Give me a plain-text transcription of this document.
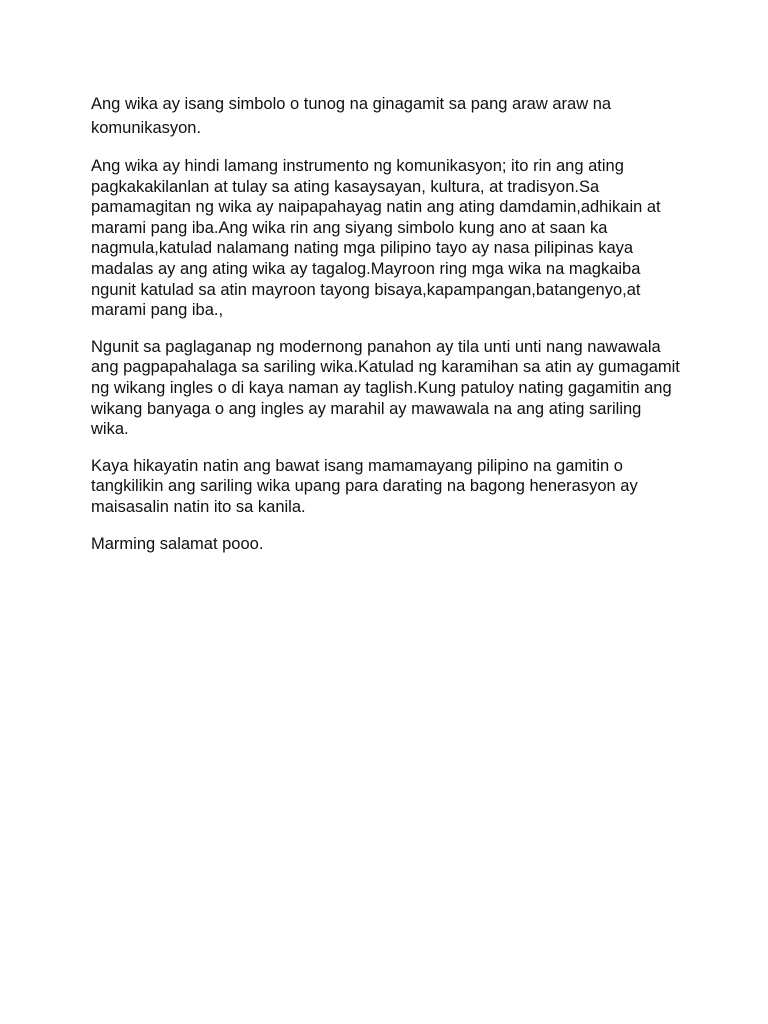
Ang wika ay isang simbolo o tunog na ginagamit sa pang araw araw na komunikasyon.

Ang wika ay hindi lamang instrumento ng komunikasyon; ito rin ang ating pagkakakilanlan at tulay sa ating kasaysayan, kultura, at tradisyon.Sa pamamagitan ng wika ay naipapahayag natin ang ating damdamin,adhikain at marami pang iba.Ang wika rin ang siyang simbolo kung ano at saan ka nagmula,katulad nalamang nating mga pilipino tayo ay nasa pilipinas kaya madalas ay ang ating wika ay tagalog.Mayroon ring mga wika na magkaiba ngunit katulad sa atin mayroon tayong bisaya,kapampangan,batangenyo,at marami pang iba.,

Ngunit sa paglaganap ng modernong panahon ay tila unti unti nang nawawala ang pagpapahalaga sa sariling wika.Katulad ng karamihan sa atin ay gumagamit ng wikang ingles o di kaya naman ay taglish.Kung patuloy nating gagamitin ang wikang banyaga o ang ingles ay marahil ay mawawala na ang ating sariling wika.

Kaya hikayatin natin ang bawat isang mamamayang pilipino na gamitin o tangkilikin ang sariling wika upang para darating na bagong henerasyon ay maisasalin natin ito sa kanila.

Marming salamat pooo.
